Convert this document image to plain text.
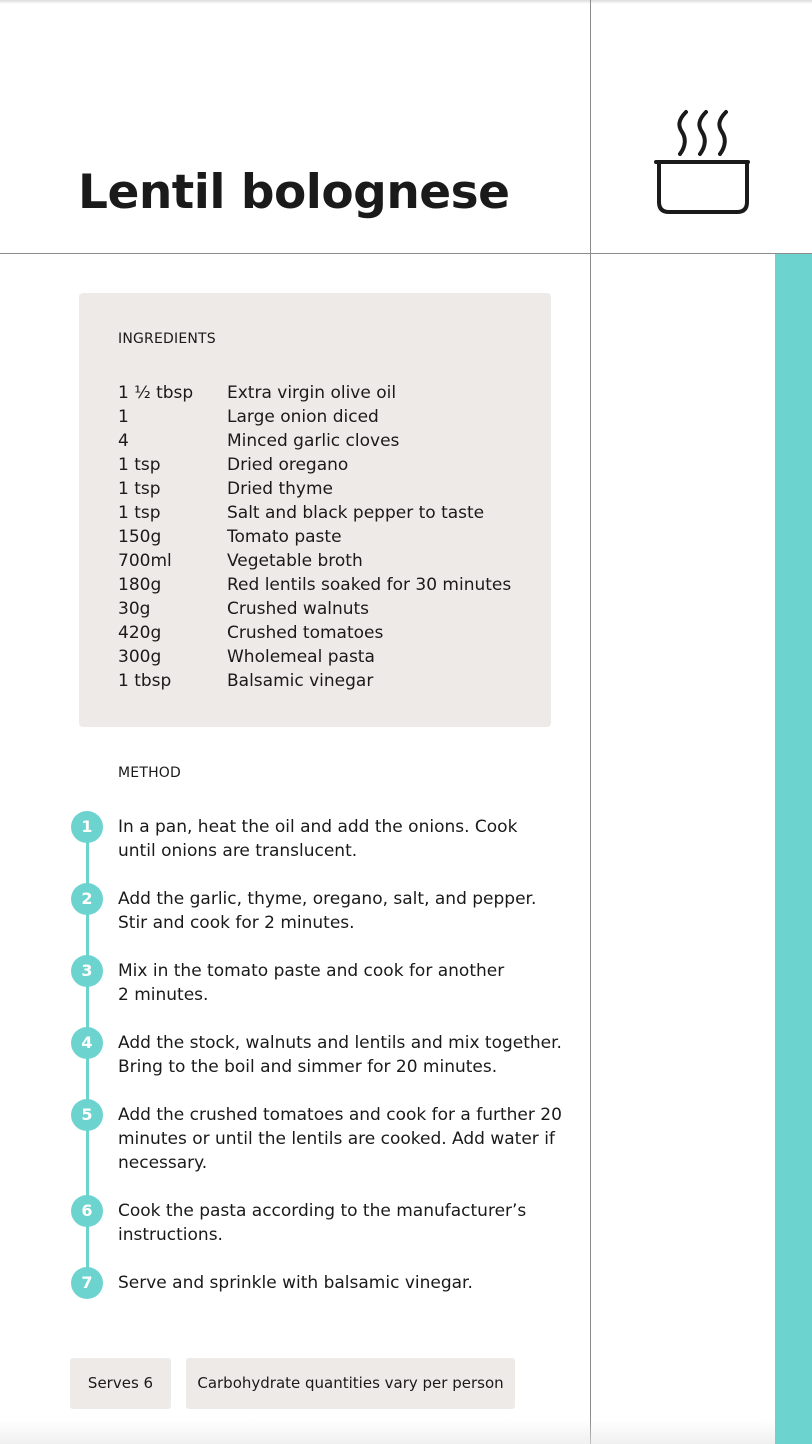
Lentil bolognese
INGREDIENTS
1 ½ tbsp	Extra virgin olive oil
1	Large onion diced
4	Minced garlic cloves
1 tsp	Dried oregano
1 tsp	Dried thyme
1 tsp	Salt and black pepper to taste
150g	Tomato paste
700ml	Vegetable broth
180g	Red lentils soaked for 30 minutes
30g	Crushed walnuts
420g	Crushed tomatoes
300g	Wholemeal pasta
1 tbsp	Balsamic vinegar
METHOD
1	In a pan, heat the oil and add the onions. Cook until onions are translucent.
2	Add the garlic, thyme, oregano, salt, and pepper. Stir and cook for 2 minutes.
3	Mix in the tomato paste and cook for another 2 minutes.
4	Add the stock, walnuts and lentils and mix together. Bring to the boil and simmer for 20 minutes.
5	Add the crushed tomatoes and cook for a further 20 minutes or until the lentils are cooked. Add water if necessary.
6	Cook the pasta according to the manufacturer’s instructions.
7	Serve and sprinkle with balsamic vinegar.
Serves 6	Carbohydrate quantities vary per person
